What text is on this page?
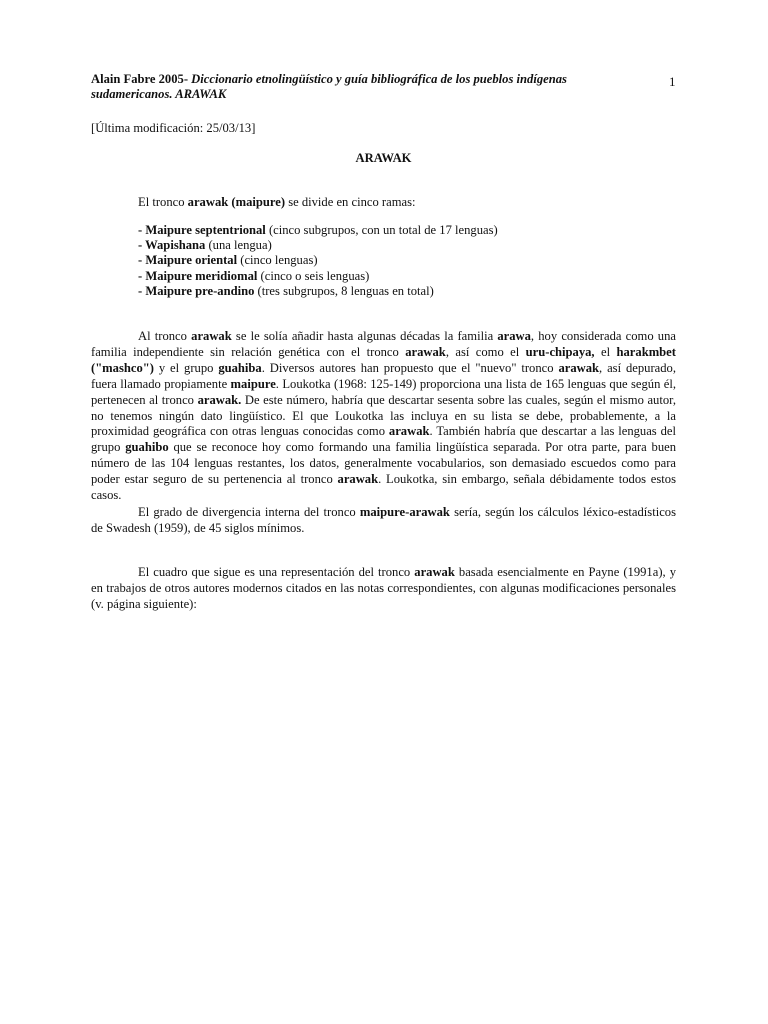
Alain Fabre 2005- Diccionario etnolingüístico y guía bibliográfica de los pueblos indígenas
sudamericanos. ARAWAK
1
[Última modificación: 25/03/13]
ARAWAK
El tronco arawak (maipure) se divide en cinco ramas:
- Maipure septentrional (cinco subgrupos, con un total de 17 lenguas)
- Wapishana (una lengua)
- Maipure oriental (cinco lenguas)
- Maipure meridiomal (cinco o seis lenguas)
- Maipure pre-andino (tres subgrupos, 8 lenguas en total)
Al tronco arawak se le solía añadir hasta algunas décadas la familia arawa, hoy considerada como una familia independiente sin relación genética con el tronco arawak, así como el uru-chipaya, el harakmbet ("mashco") y el grupo guahiba. Diversos autores han propuesto que el "nuevo" tronco arawak, así depurado, fuera llamado propiamente maipure. Loukotka (1968: 125-149) proporciona una lista de 165 lenguas que según él, pertenecen al tronco arawak. De este número, habría que descartar sesenta sobre las cuales, según el mismo autor, no tenemos ningún dato lingüístico. El que Loukotka las incluya en su lista se debe, probablemente, a la proximidad geográfica con otras lenguas conocidas como arawak. También habría que descartar a las lenguas del grupo guahibo que se reconoce hoy como formando una familia lingüística separada. Por otra parte, para buen número de las 104 lenguas restantes, los datos, generalmente vocabularios, son demasiado escuedos como para poder estar seguro de su pertenencia al tronco arawak. Loukotka, sin embargo, señala débidamente todos estos casos.
El grado de divergencia interna del tronco maipure-arawak sería, según los cálculos léxico-estadísticos de Swadesh (1959), de 45 siglos mínimos.
El cuadro que sigue es una representación del tronco arawak basada esencialmente en Payne (1991a), y en trabajos de otros autores modernos citados en las notas correspondientes, con algunas modificaciones personales (v. página siguiente):
